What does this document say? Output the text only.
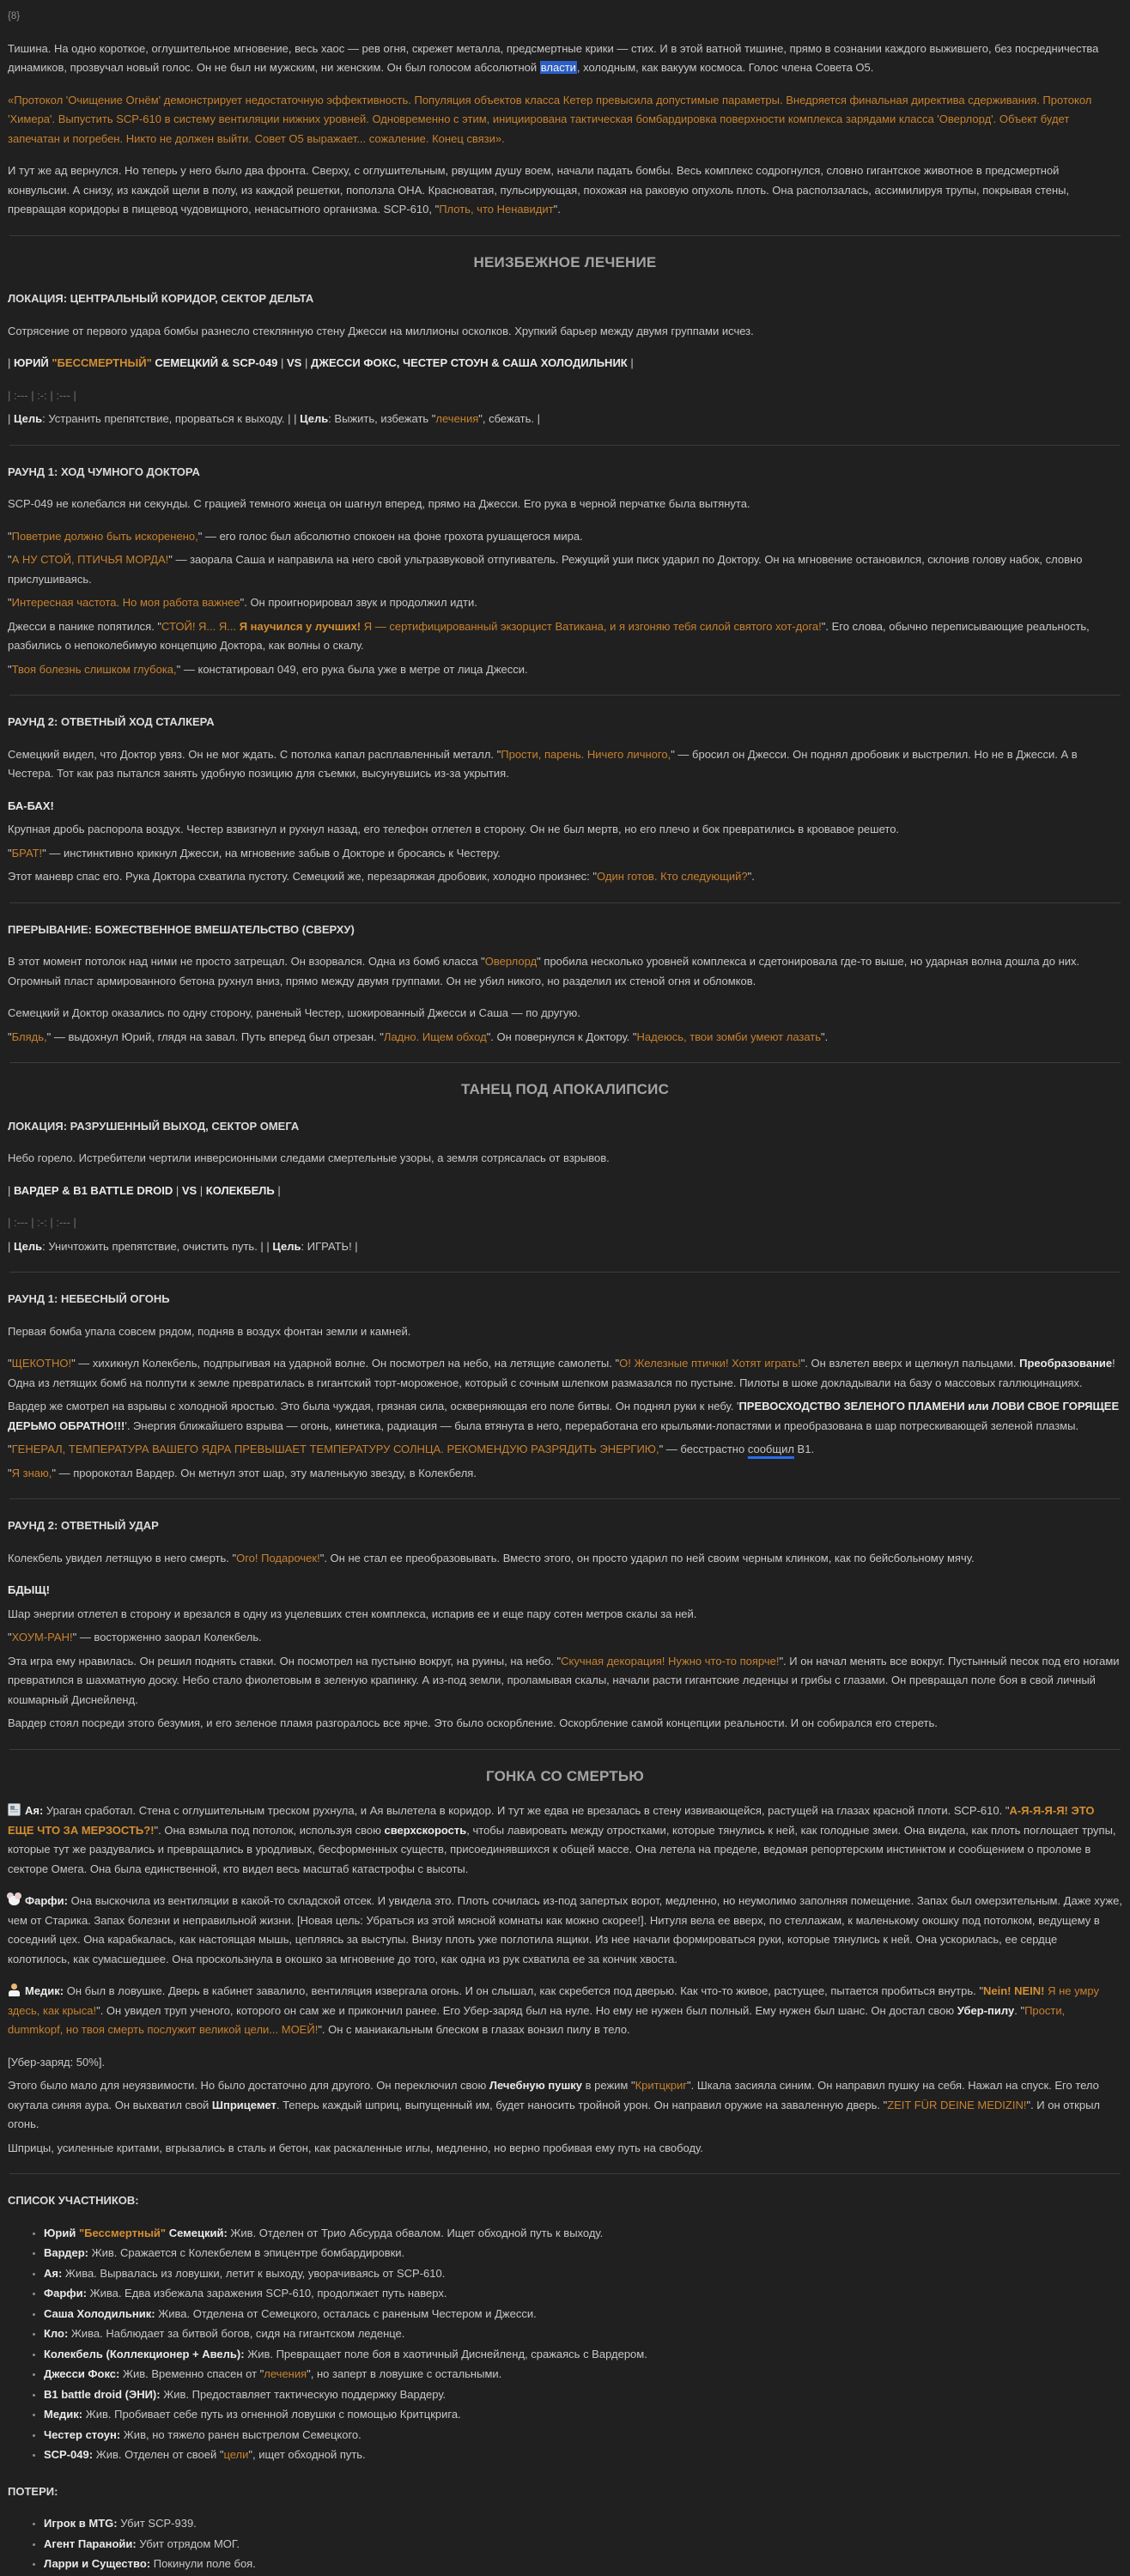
{8}
Тишина. На одно короткое, оглушительное мгновение, весь хаос — рев огня, скрежет металла, предсмертные крики — стих. И в этой ватной тишине, прямо в сознании каждого выжившего, без посредничества динамиков, прозвучал новый голос. Он не был ни мужским, ни женским. Он был голосом абсолютной власти, холодным, как вакуум космоса. Голос члена Совета О5.
«Протокол 'Очищение Огнём' демонстрирует недостаточную эффективность. Популяция объектов класса Кетер превысила допустимые параметры. Внедряется финальная директива сдерживания. Протокол 'Химера'. Выпустить SCP-610 в систему вентиляции нижних уровней. Одновременно с этим, инициирована тактическая бомбардировка поверхности комплекса зарядами класса 'Оверлорд'. Объект будет запечатан и погребен. Никто не должен выйти. Совет О5 выражает... сожаление. Конец связи».
И тут же ад вернулся. Но теперь у него было два фронта. Сверху, с оглушительным, рвущим душу воем, начали падать бомбы. Весь комплекс содрогнулся, словно гигантское животное в предсмертной конвульсии. А снизу, из каждой щели в полу, из каждой решетки, поползла ОНА. Красноватая, пульсирующая, похожая на раковую опухоль плоть. Она расползалась, ассимилируя трупы, покрывая стены, превращая коридоры в пищевод чудовищного, ненасытного организма. SCP-610, "Плоть, что Ненавидит".
НЕИЗБЕЖНОЕ ЛЕЧЕНИЕ
ЛОКАЦИЯ: ЦЕНТРАЛЬНЫЙ КОРИДОР, СЕКТОР ДЕЛЬТА
Сотрясение от первого удара бомбы разнесло стеклянную стену Джесси на миллионы осколков. Хрупкий барьер между двумя группами исчез.
| ЮРИЙ "БЕССМЕРТНЫЙ" СЕМЕЦКИЙ & SCP-049 | VS | ДЖЕССИ ФОКС, ЧЕСТЕР СТОУН & САША ХОЛОДИЛЬНИК |
| :--- | :-: | :--- |
| Цель: Устранить препятствие, прорваться к выходу. | | Цель: Выжить, избежать "лечения", сбежать. |
РАУНД 1: ХОД ЧУМНОГО ДОКТОРА
SCP-049 не колебался ни секунды. С грацией темного жнеца он шагнул вперед, прямо на Джесси. Его рука в черной перчатке была вытянута.
"Поветрие должно быть искоренено," — его голос был абсолютно спокоен на фоне грохота рушащегося мира.
"А НУ СТОЙ, ПТИЧЬЯ МОРДА!" — заорала Саша и направила на него свой ультразвуковой отпугиватель. Режущий уши писк ударил по Доктору. Он на мгновение остановился, склонив голову набок, словно прислушиваясь.
"Интересная частота. Но моя работа важнее". Он проигнорировал звук и продолжил идти.
Джесси в панике попятился. "СТОЙ! Я... Я... Я научился у лучших! Я — сертифицированный экзорцист Ватикана, и я изгоняю тебя силой святого хот-дога!". Его слова, обычно переписывающие реальность, разбились о непоколебимую концепцию Доктора, как волны о скалу.
"Твоя болезнь слишком глубока," — констатировал 049, его рука была уже в метре от лица Джесси.
РАУНД 2: ОТВЕТНЫЙ ХОД СТАЛКЕРА
Семецкий видел, что Доктор увяз. Он не мог ждать. С потолка капал расплавленный металл. "Прости, парень. Ничего личного," — бросил он Джесси. Он поднял дробовик и выстрелил. Но не в Джесси. А в Честера. Тот как раз пытался занять удобную позицию для съемки, высунувшись из-за укрытия.
БА-БАХ!
Крупная дробь распорола воздух. Честер взвизгнул и рухнул назад, его телефон отлетел в сторону. Он не был мертв, но его плечо и бок превратились в кровавое решето.
"БРАТ!" — инстинктивно крикнул Джесси, на мгновение забыв о Докторе и бросаясь к Честеру.
Этот маневр спас его. Рука Доктора схватила пустоту. Семецкий же, перезаряжая дробовик, холодно произнес: "Один готов. Кто следующий?".
ПРЕРЫВАНИЕ: БОЖЕСТВЕННОЕ ВМЕШАТЕЛЬСТВО (СВЕРХУ)
В этот момент потолок над ними не просто затрещал. Он взорвался. Одна из бомб класса "Оверлорд" пробила несколько уровней комплекса и сдетонировала где-то выше, но ударная волна дошла до них. Огромный пласт армированного бетона рухнул вниз, прямо между двумя группами. Он не убил никого, но разделил их стеной огня и обломков.
Семецкий и Доктор оказались по одну сторону, раненый Честер, шокированный Джесси и Саша — по другую.
"Блядь," — выдохнул Юрий, глядя на завал. Путь вперед был отрезан. "Ладно. Ищем обход". Он повернулся к Доктору. "Надеюсь, твои зомби умеют лазать".
ТАНЕЦ ПОД АПОКАЛИПСИС
ЛОКАЦИЯ: РАЗРУШЕННЫЙ ВЫХОД, СЕКТОР ОМЕГА
Небо горело. Истребители чертили инверсионными следами смертельные узоры, а земля сотрясалась от взрывов.
| ВАРДЕР & B1 BATTLE DROID | VS | КОЛЕКБЕЛЬ |
| :--- | :-: | :--- |
| Цель: Уничтожить препятствие, очистить путь. | | Цель: ИГРАТЬ! |
РАУНД 1: НЕБЕСНЫЙ ОГОНЬ
Первая бомба упала совсем рядом, подняв в воздух фонтан земли и камней.
"ЩЕКОТНО!" — хихикнул Колекбель, подпрыгивая на ударной волне. Он посмотрел на небо, на летящие самолеты. "О! Железные птички! Хотят играть!". Он взлетел вверх и щелкнул пальцами. Преобразование! Одна из летящих бомб на полпути к земле превратилась в гигантский торт-мороженое, который с сочным шлепком размазался по пустыне. Пилоты в шоке докладывали на базу о массовых галлюцинациях.
Вардер же смотрел на взрывы с холодной яростью. Это была чуждая, грязная сила, оскверняющая его поле битвы. Он поднял руки к небу. 'ПРЕВОСХОДСТВО ЗЕЛЕНОГО ПЛАМЕНИ или ЛОВИ СВОЕ ГОРЯЩЕЕ ДЕРЬМО ОБРАТНО!!!'. Энергия ближайшего взрыва — огонь, кинетика, радиация — была втянута в него, переработана его крыльями-лопастями и преобразована в шар потрескивающей зеленой плазмы.
"ГЕНЕРАЛ, ТЕМПЕРАТУРА ВАШЕГО ЯДРА ПРЕВЫШАЕТ ТЕМПЕРАТУРУ СОЛНЦА. РЕКОМЕНДУЮ РАЗРЯДИТЬ ЭНЕРГИЮ," — бесстрастно сообщил B1.
"Я знаю," — пророкотал Вардер. Он метнул этот шар, эту маленькую звезду, в Колекбеля.
РАУНД 2: ОТВЕТНЫЙ УДАР
Колекбель увидел летящую в него смерть. "Ого! Подарочек!". Он не стал ее преобразовывать. Вместо этого, он просто ударил по ней своим черным клинком, как по бейсбольному мячу.
БДЫЩ!
Шар энергии отлетел в сторону и врезался в одну из уцелевших стен комплекса, испарив ее и еще пару сотен метров скалы за ней.
"ХОУМ-РАН!" — восторженно заорал Колекбель.
Эта игра ему нравилась. Он решил поднять ставки. Он посмотрел на пустыню вокруг, на руины, на небо. "Скучная декорация! Нужно что-то поярче!". И он начал менять все вокруг. Пустынный песок под его ногами превратился в шахматную доску. Небо стало фиолетовым в зеленую крапинку. А из-под земли, проламывая скалы, начали расти гигантские леденцы и грибы с глазами. Он превращал поле боя в свой личный кошмарный Диснейленд.
Вардер стоял посреди этого безумия, и его зеленое пламя разгоралось все ярче. Это было оскорбление. Оскорбление самой концепции реальности. И он собирался его стереть.
ГОНКА СО СМЕРТЬЮ
Ая: Ураган сработал. Стена с оглушительным треском рухнула, и Ая вылетела в коридор. И тут же едва не врезалась в стену извивающейся, растущей на глазах красной плоти. SCP-610. "А-Я-Я-Я-Я! ЭТО ЕЩЕ ЧТО ЗА МЕРЗОСТЬ?!". Она взмыла под потолок, используя свою сверхскорость, чтобы лавировать между отростками, которые тянулись к ней, как голодные змеи. Она видела, как плоть поглощает трупы, которые тут же раздувались и превращались в уродливых, бесформенных существ, присоединявшихся к общей массе. Она летела на пределе, ведомая репортерским инстинктом и сообщением о проломе в секторе Омега. Она была единственной, кто видел весь масштаб катастрофы с высоты.
Фарфи: Она выскочила из вентиляции в какой-то складской отсек. И увидела это. Плоть сочилась из-под запертых ворот, медленно, но неумолимо заполняя помещение. Запах был омерзительным. Даже хуже, чем от Старика. Запах болезни и неправильной жизни. [Новая цель: Убраться из этой мясной комнаты как можно скорее!]. Нитуля вела ее вверх, по стеллажам, к маленькому окошку под потолком, ведущему в соседний цех. Она карабкалась, как настоящая мышь, цепляясь за выступы. Внизу плоть уже поглотила ящики. Из нее начали формироваться руки, которые тянулись к ней. Она ускорилась, ее сердце колотилось, как сумасшедшее. Она проскользнула в окошко за мгновение до того, как одна из рук схватила ее за кончик хвоста.
Медик: Он был в ловушке. Дверь в кабинет завалило, вентиляция извергала огонь. И он слышал, как скребется под дверью. Как что-то живое, растущее, пытается пробиться внутрь. "Nein! NEIN! Я не умру здесь, как крыса!". Он увидел труп ученого, которого он сам же и прикончил ранее. Его Убер-заряд был на нуле. Но ему не нужен был полный. Ему нужен был шанс. Он достал свою Убер-пилу. "Прости, dummkopf, но твоя смерть послужит великой цели... МОЕЙ!". Он с маниакальным блеском в глазах вонзил пилу в тело.
[Убер-заряд: 50%].
Этого было мало для неуязвимости. Но было достаточно для другого. Он переключил свою Лечебную пушку в режим "Критцкриг". Шкала засияла синим. Он направил пушку на себя. Нажал на спуск. Его тело окутала синяя аура. Он выхватил свой Шприцемет. Теперь каждый шприц, выпущенный им, будет наносить тройной урон. Он направил оружие на заваленную дверь. "ZEIT FÜR DEINE MEDIZIN!". И он открыл огонь.
Шприцы, усиленные критами, вгрызались в сталь и бетон, как раскаленные иглы, медленно, но верно пробивая ему путь на свободу.
СПИСОК УЧАСТНИКОВ:
• Юрий "Бессмертный" Семецкий: Жив. Отделен от Трио Абсурда обвалом. Ищет обходной путь к выходу.
• Вардер: Жив. Сражается с Колекбелем в эпицентре бомбардировки.
• Ая: Жива. Вырвалась из ловушки, летит к выходу, уворачиваясь от SCP-610.
• Фарфи: Жива. Едва избежала заражения SCP-610, продолжает путь наверх.
• Саша Холодильник: Жива. Отделена от Семецкого, осталась с раненым Честером и Джесси.
• Кло: Жива. Наблюдает за битвой богов, сидя на гигантском леденце.
• Колекбель (Коллекционер + Авель): Жив. Превращает поле боя в хаотичный Диснейленд, сражаясь с Вардером.
• Джесси Фокс: Жив. Временно спасен от "лечения", но заперт в ловушке с остальными.
• B1 battle droid (ЭНИ): Жив. Предоставляет тактическую поддержку Вардеру.
• Медик: Жив. Пробивает себе путь из огненной ловушки с помощью Критцкрига.
• Честер стоун: Жив, но тяжело ранен выстрелом Семецкого.
• SCP-049: Жив. Отделен от своей "цели", ищет обходной путь.
ПОТЕРИ:
• Игрок в MTG: Убит SCP-939.
• Агент Паранойи: Убит отрядом МОГ.
• Ларри и Существо: Покинули поле боя.
